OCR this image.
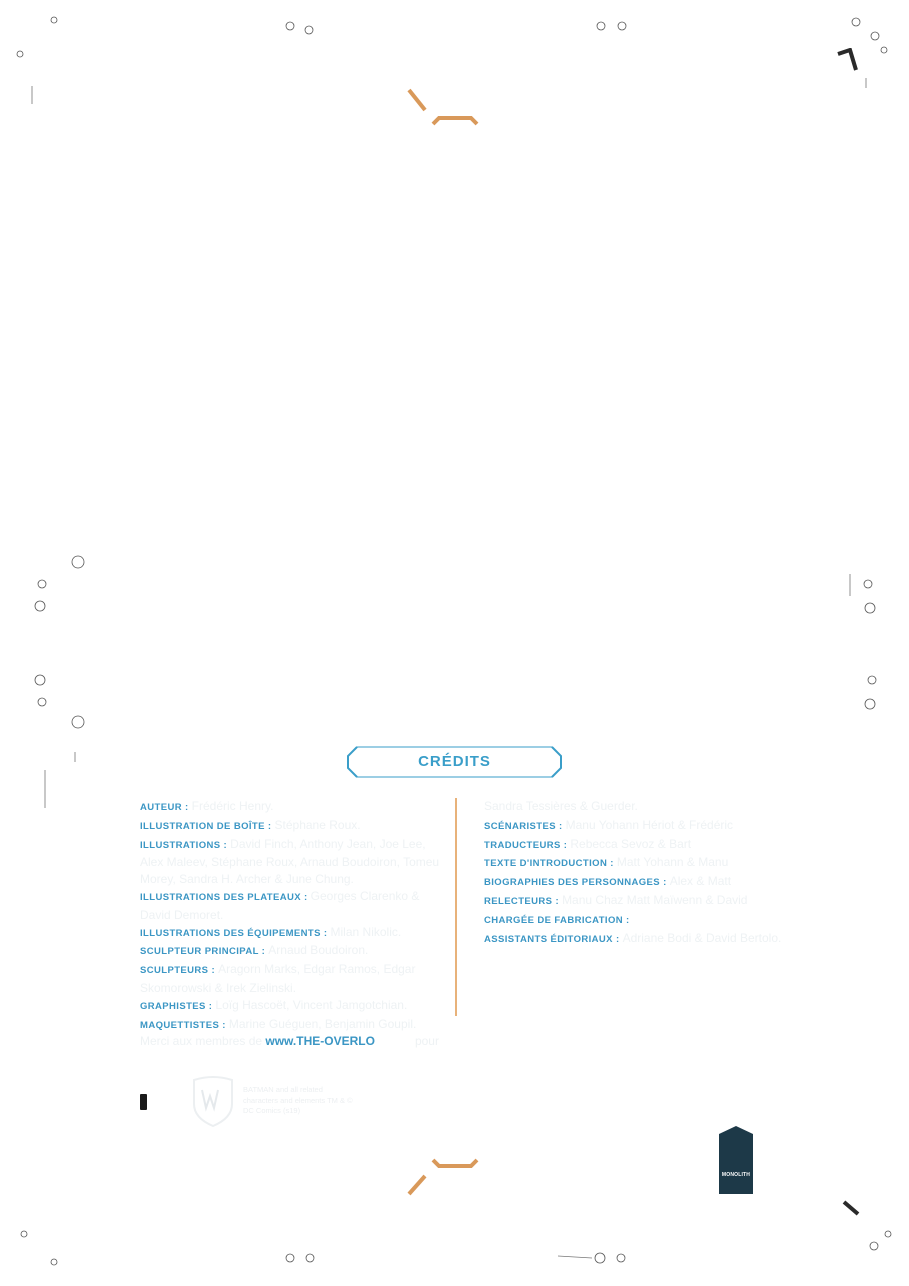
CRÉDITS
AUTEUR : Frédéric Henry.
ILLUSTRATION DE BOÎTE : Stéphane Roux.
ILLUSTRATIONS : David Finch, Anthony Jean, Joe Lee, Alex Maleev, Stéphane Roux, Arnaud Boudoiron, Tomeu Morey, Sandra H. Archer & June Chung.
ILLUSTRATIONS DES PLATEAUX : Georges Clarenko & David Demoret.
ILLUSTRATIONS DES ÉQUIPEMENTS : Milan Nikolic.
SCULPTEUR PRINCIPAL : Arnaud Boudoiron.
SCULPTEURS : Aragorn Marks, Edgar Ramos, Edgar Skomorowski & Irek Zielinski.
GRAPHISTES : Loïg Hascoët, Vincent Jamgotchian.
MAQUETTISTES : Marine Guéguen, Benjamin Goupil.
Sandra Tessières & Guerder.
SCÉNARISTES : Manu Yohann Hériot & Frédéric
TRADUCTEURS : Rebecca Sevoz & Bart
TEXTE D'INTRODUCTION : Matt Yohann & Manu
BIOGRAPHIES DES PERSONNAGES : Alex & Matt
RELECTEURS : Manu Chaz Matt Maïwenn & David
CHARGÉE DE FABRICATION :
ASSISTANTS ÉDITORIAUX : Adriane Bodi & David Bertolo.
Merci aux membres de www.THE-OVERLO	pour
BATMAN and all related characters and elements TM & © DC Comics (s19)
MONOLITH
